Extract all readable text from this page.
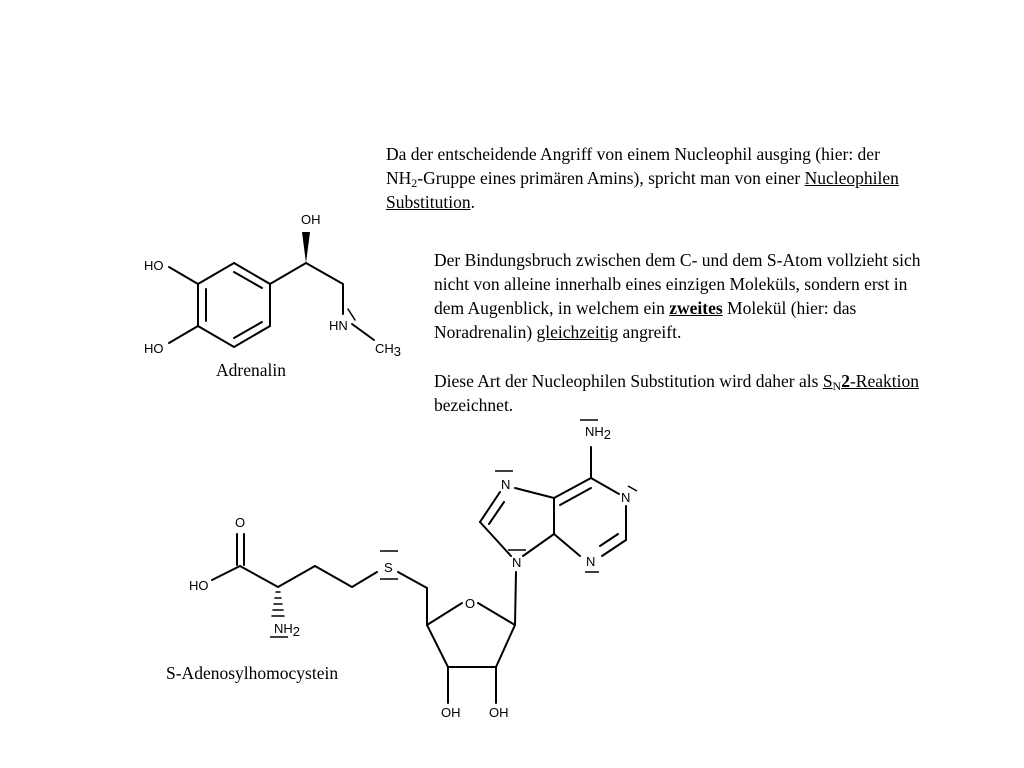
Da der entscheidende Angriff von einem Nucleophil ausging (hier: der
$NH_2$-Gruppe eines primären Amins), spricht man von einer Nucleophilen
Substitution.
Der Bindungsbruch zwischen dem C- und dem S-Atom vollzieht sich
nicht von alleine innerhalb eines einzigen Moleküls, sondern erst in
dem Augenblick, in welchem ein zweites Molekül (hier: das
Noradrenalin) gleichzeitig angreift.
Diese Art der Nucleophilen Substitution wird daher als $S_N2$-Reaktion
bezeichnet.
Adrenalin
S-Adenosylhomocystein
OH
HO
HO
HN
CH3
O
HO
NH2
S
O
OH OH
NH2
N
N
N	N
